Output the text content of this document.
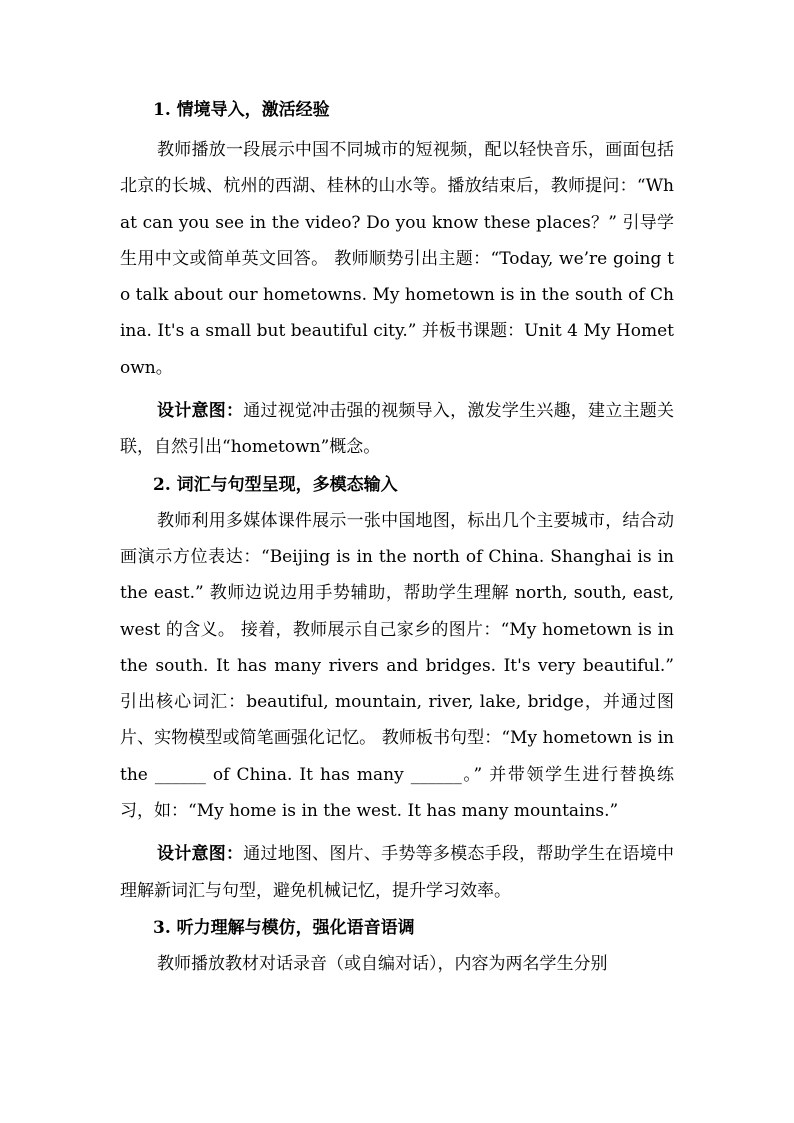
1. 情境导入，激活经验

教师播放一段展示中国不同城市的短视频，配以轻快音乐，画面包括北京的长城、杭州的西湖、桂林的山水等。播放结束后，教师提问：“What can you see in the video? Do you know these places？” 引导学生用中文或简单英文回答。 教师顺势引出主题：“Today, we’re going to talk about our hometowns. My hometown is in the south of China. It's a small but beautiful city.” 并板书课题：Unit 4 My Hometown。

设计意图：通过视觉冲击强的视频导入，激发学生兴趣，建立主题关联，自然引出“hometown”概念。

2. 词汇与句型呈现，多模态输入

教师利用多媒体课件展示一张中国地图，标出几个主要城市，结合动画演示方位表达：“Beijing is in the north of China. Shanghai is in the east.” 教师边说边用手势辅助，帮助学生理解 north, south, east, west 的含义。 接着，教师展示自己家乡的图片：“My hometown is in the south. It has many rivers and bridges. It's very beautiful.” 引出核心词汇：beautiful, mountain, river, lake, bridge，并通过图片、实物模型或简笔画强化记忆。 教师板书句型：“My hometown is in the ______ of China. It has many ______。” 并带领学生进行替换练习，如：“My home is in the west. It has many mountains.”

设计意图：通过地图、图片、手势等多模态手段，帮助学生在语境中理解新词汇与句型，避免机械记忆，提升学习效率。

3. 听力理解与模仿，强化语音语调

教师播放教材对话录音（或自编对话），内容为两名学生分别
